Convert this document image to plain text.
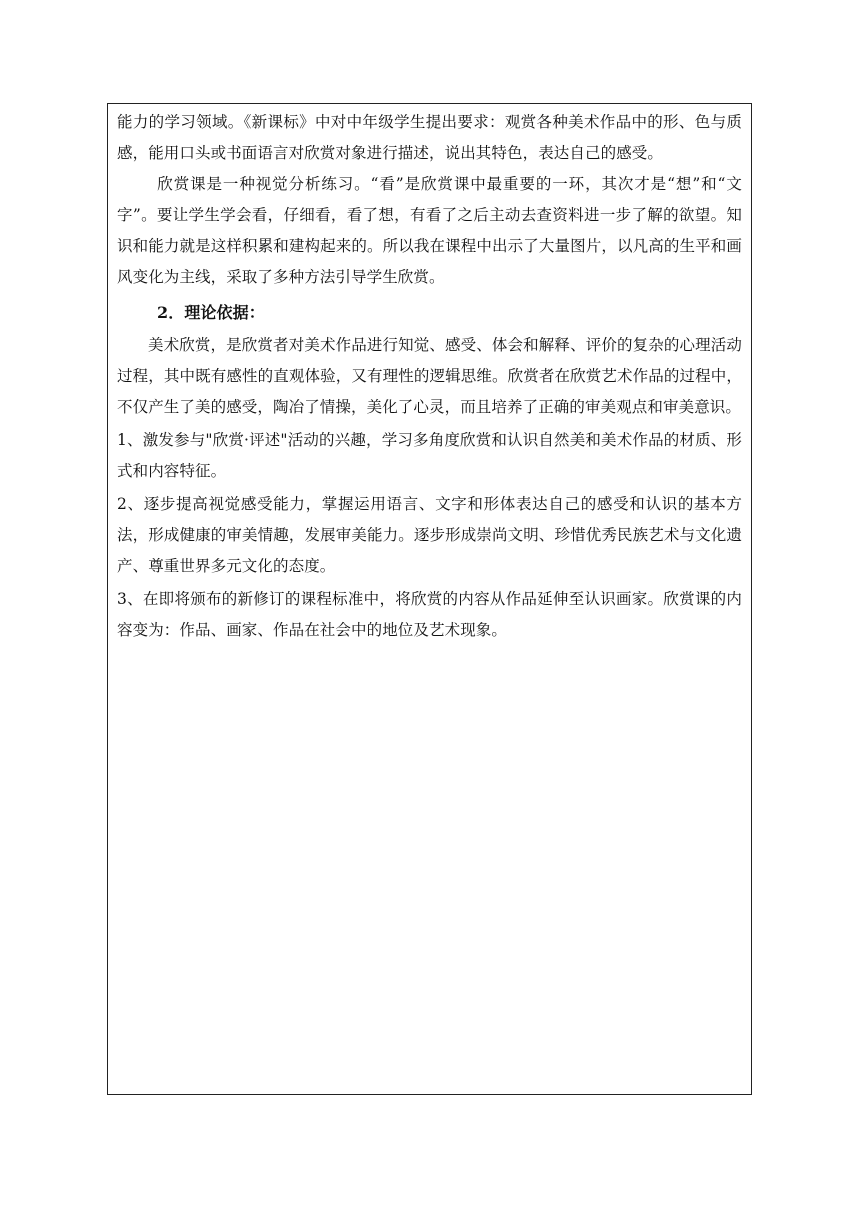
能力的学习领域。《新课标》中对中年级学生提出要求：观赏各种美术作品中的形、色与质感，能用口头或书面语言对欣赏对象进行描述，说出其特色，表达自己的感受。

欣赏课是一种视觉分析练习。“看”是欣赏课中最重要的一环，其次才是“想”和“文字”。要让学生学会看，仔细看，看了想，有看了之后主动去查资料进一步了解的欲望。知识和能力就是这样积累和建构起来的。所以我在课程中出示了大量图片，以凡高的生平和画风变化为主线，采取了多种方法引导学生欣赏。

2．理论依据：

美术欣赏，是欣赏者对美术作品进行知觉、感受、体会和解释、评价的复杂的心理活动过程，其中既有感性的直观体验，又有理性的逻辑思维。欣赏者在欣赏艺术作品的过程中，不仅产生了美的感受，陶冶了情操，美化了心灵，而且培养了正确的审美观点和审美意识。

1、激发参与"欣赏·评述"活动的兴趣，学习多角度欣赏和认识自然美和美术作品的材质、形式和内容特征。

2、逐步提高视觉感受能力，掌握运用语言、文字和形体表达自己的感受和认识的基本方法，形成健康的审美情趣，发展审美能力。逐步形成崇尚文明、珍惜优秀民族艺术与文化遗产、尊重世界多元文化的态度。

3、在即将颁布的新修订的课程标准中，将欣赏的内容从作品延伸至认识画家。欣赏课的内容变为：作品、画家、作品在社会中的地位及艺术现象。
